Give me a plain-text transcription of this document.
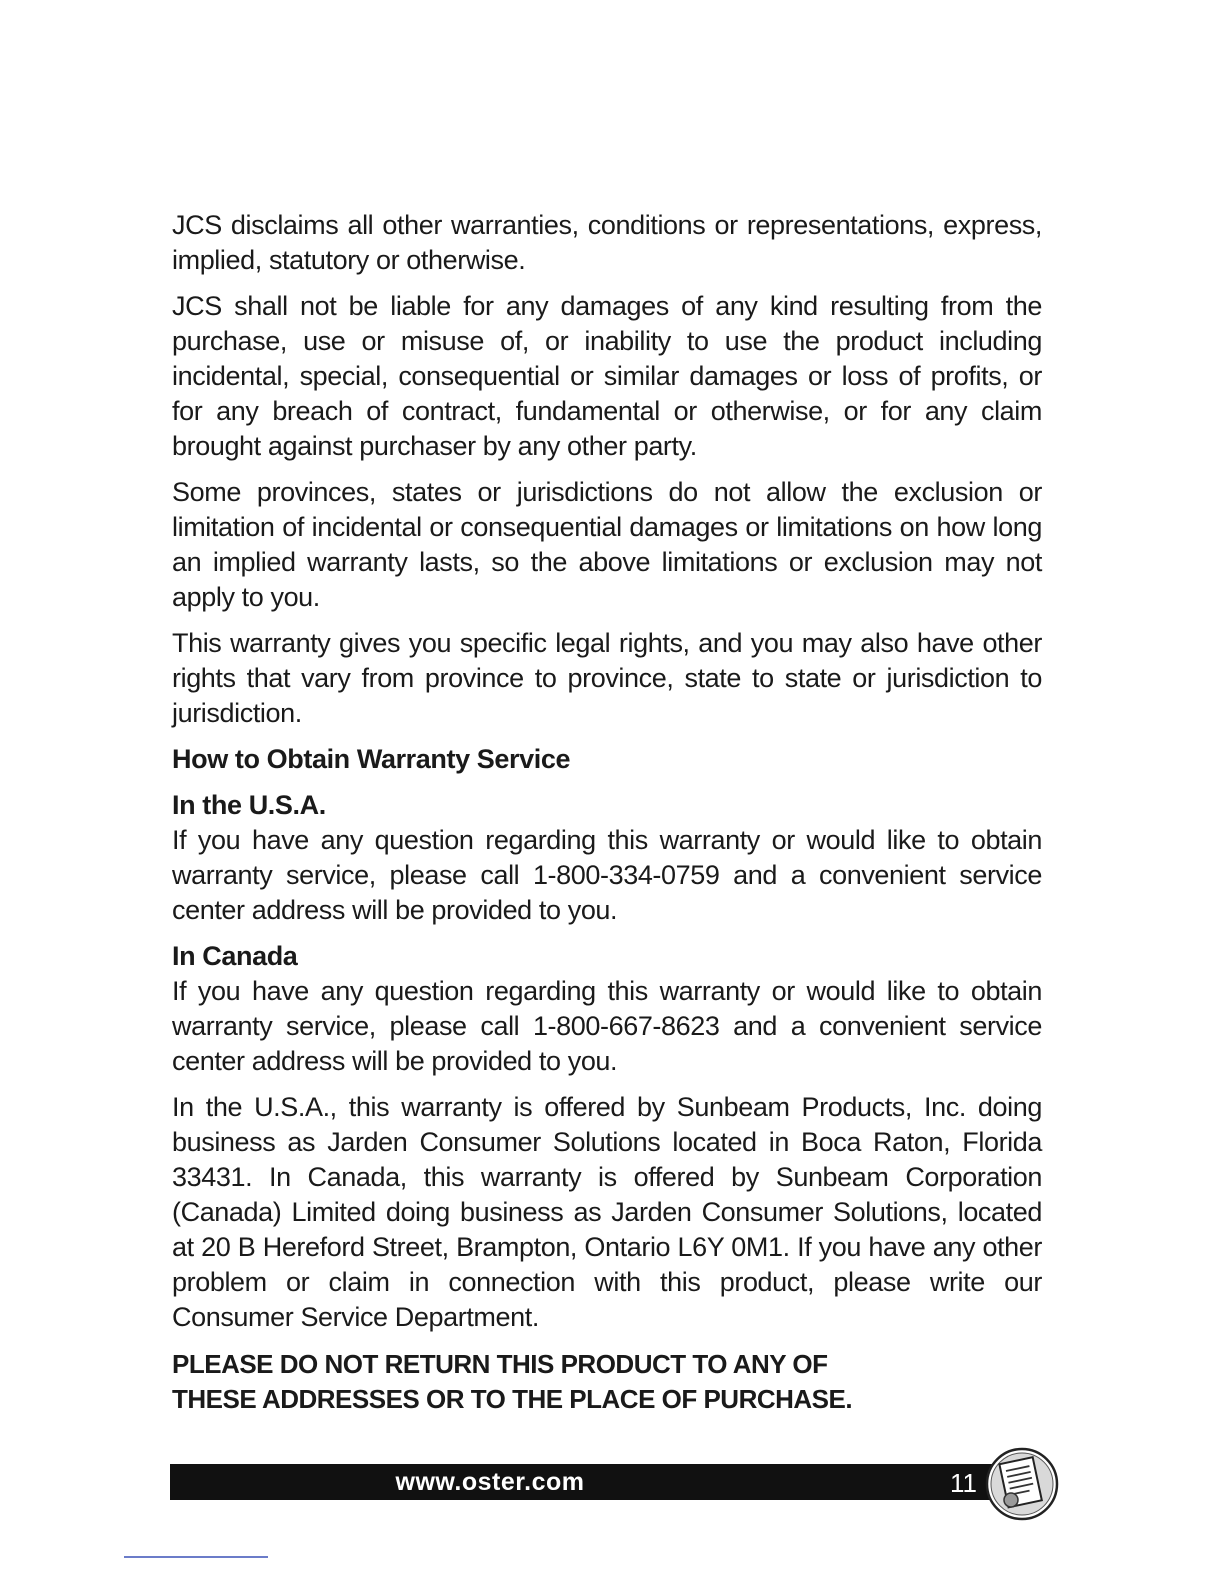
JCS disclaims all other warranties, conditions or representations, express, implied, statutory or otherwise.

JCS shall not be liable for any damages of any kind resulting from the purchase, use or misuse of, or inability to use the product including incidental, special, consequential or similar damages or loss of profits, or for any breach of contract, fundamental or otherwise, or for any claim brought against purchaser by any other party.

Some provinces, states or jurisdictions do not allow the exclusion or limitation of incidental or consequential damages or limitations on how long an implied warranty lasts, so the above limitations or exclusion may not apply to you.

This warranty gives you specific legal rights, and you may also have other rights that vary from province to province, state to state or jurisdiction to jurisdiction.

How to Obtain Warranty Service

In the U.S.A.

If you have any question regarding this warranty or would like to obtain warranty service, please call 1-800-334-0759 and a convenient service center address will be provided to you.

In Canada

If you have any question regarding this warranty or would like to obtain warranty service, please call 1-800-667-8623 and a convenient service center address will be provided to you.

In the U.S.A., this warranty is offered by Sunbeam Products, Inc. doing business as Jarden Consumer Solutions located in Boca Raton, Florida 33431. In Canada, this warranty is offered by Sunbeam Corporation (Canada) Limited doing business as Jarden Consumer Solutions, located at 20 B Hereford Street, Brampton, Ontario L6Y 0M1. If you have any other problem or claim in connection with this product, please write our Consumer Service Department.

PLEASE DO NOT RETURN THIS PRODUCT TO ANY OF
THESE ADDRESSES OR TO THE PLACE OF PURCHASE.

www.oster.com	11
